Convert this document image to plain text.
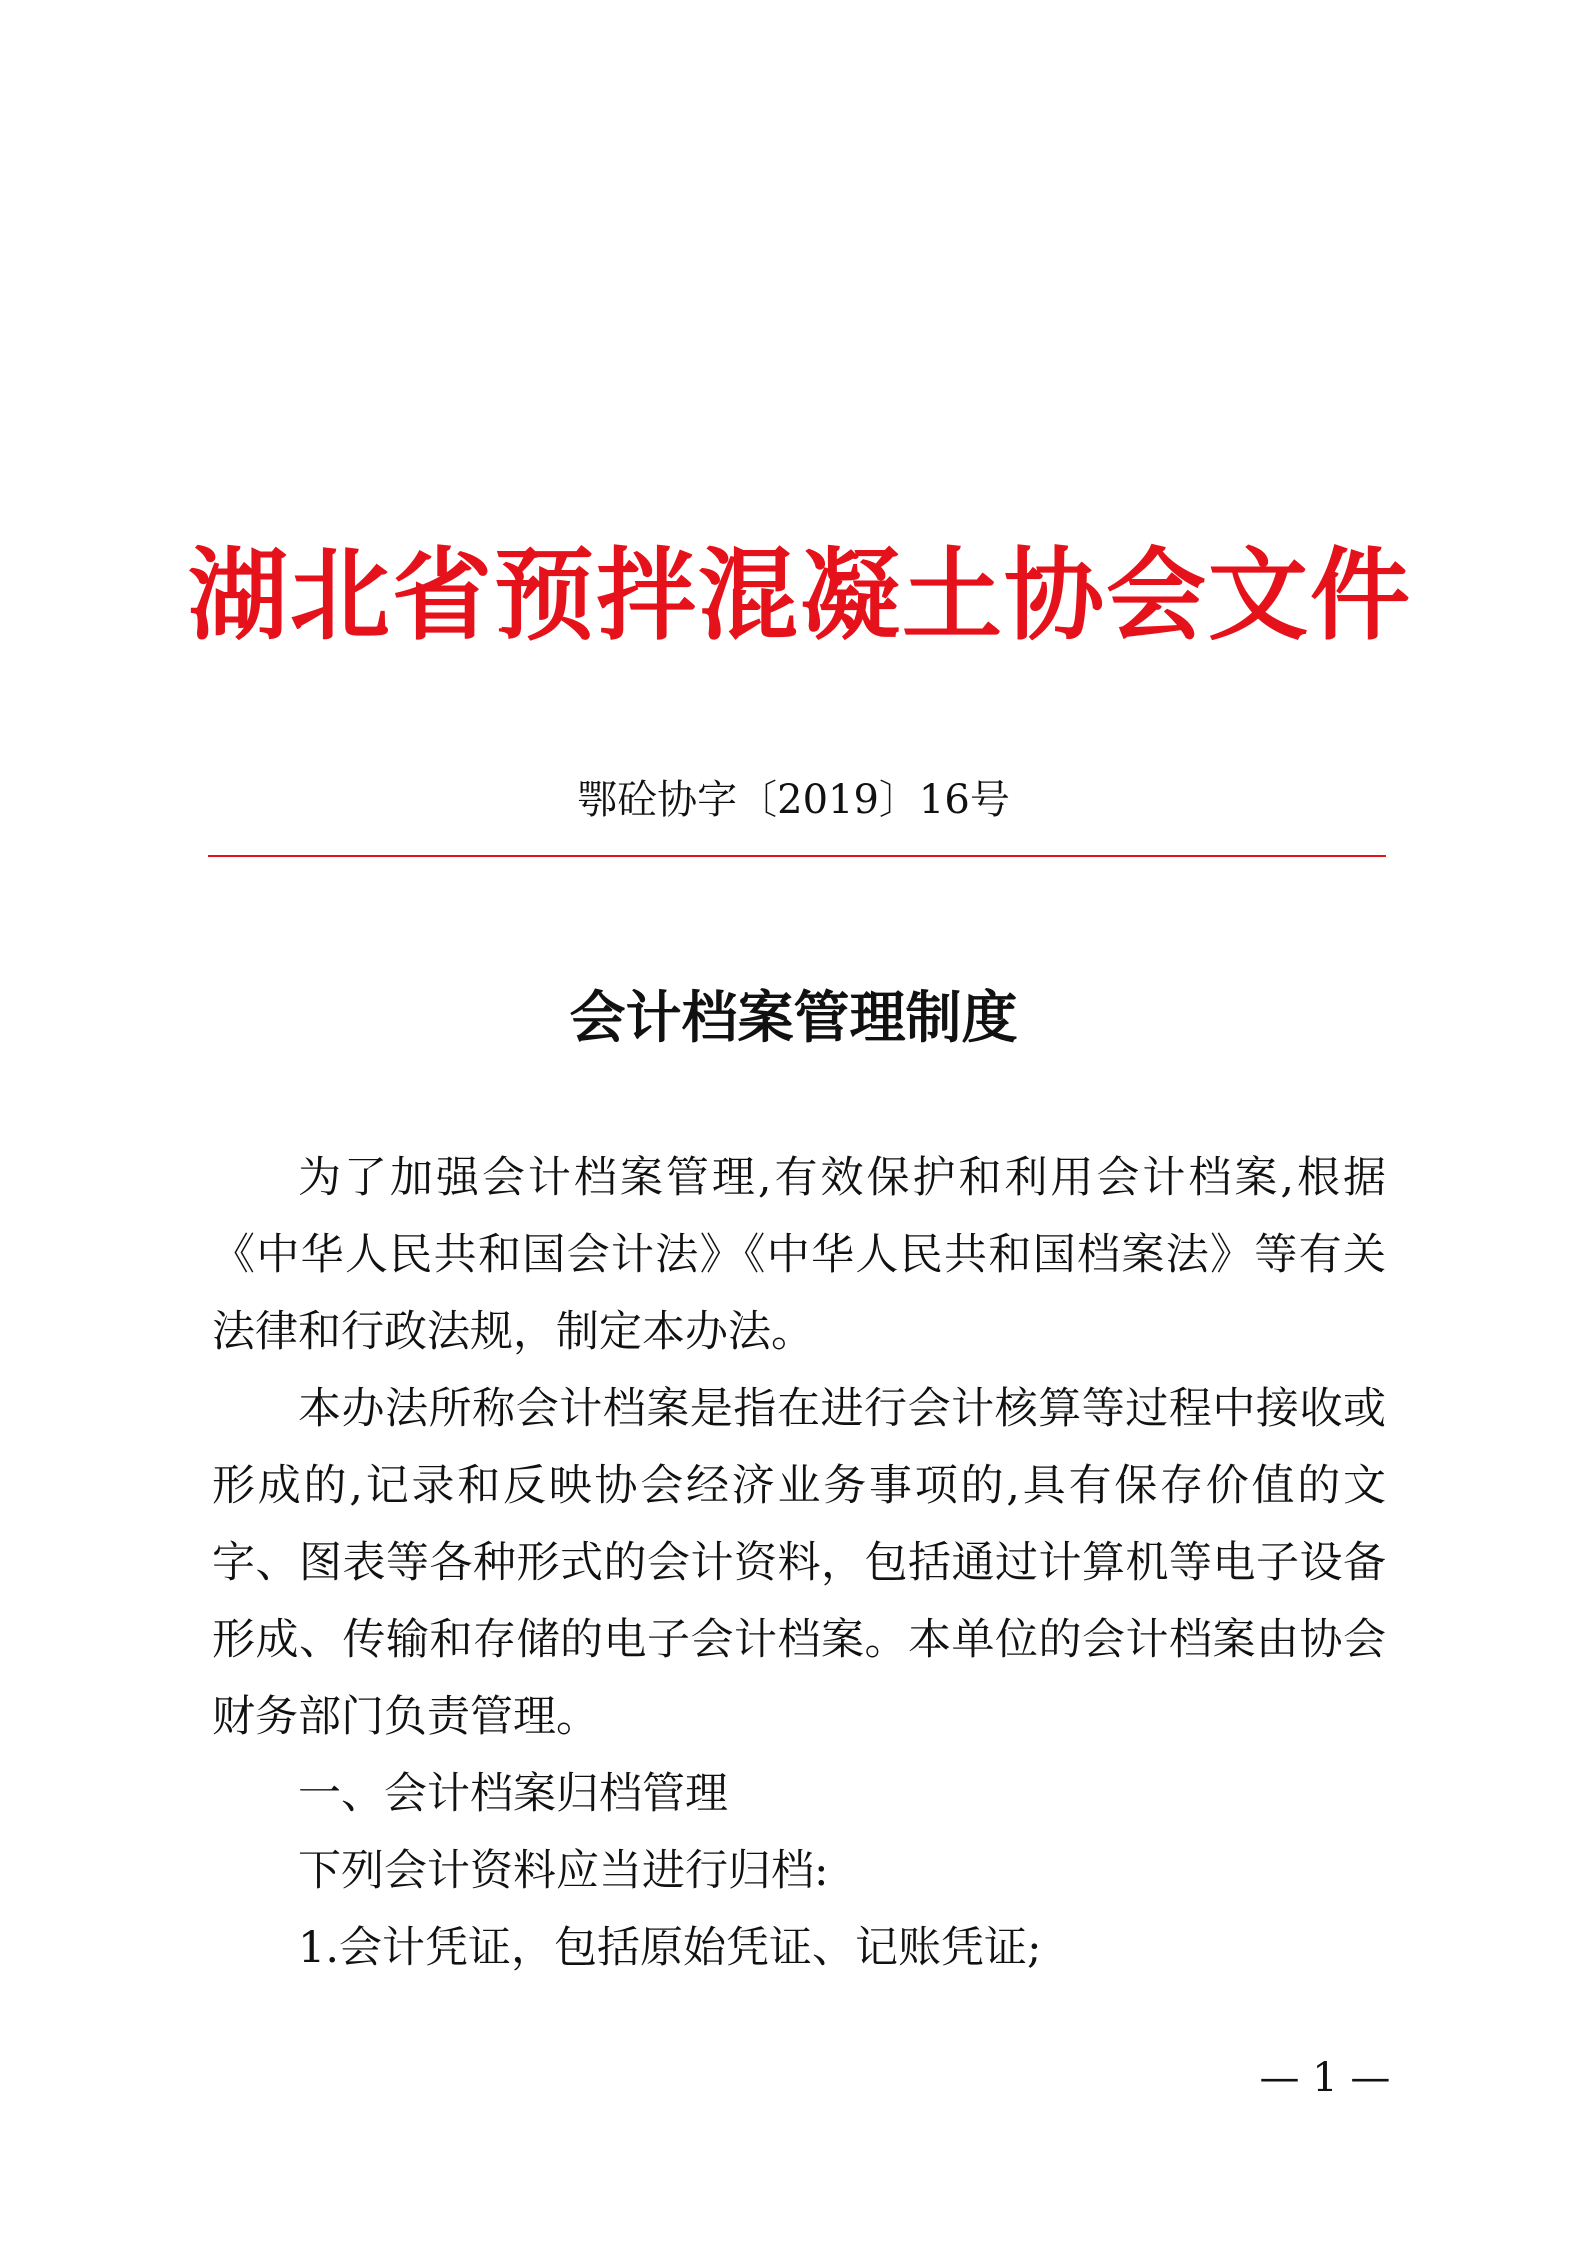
湖北省预拌混凝土协会文件
鄂砼协字〔2019〕16号
会计档案管理制度

为了加强会计档案管理,有效保护和利用会计档案,根据《中华人民共和国会计法》《中华人民共和国档案法》等有关法律和行政法规，制定本办法。

本办法所称会计档案是指在进行会计核算等过程中接收或形成的,记录和反映协会经济业务事项的,具有保存价值的文字、图表等各种形式的会计资料，包括通过计算机等电子设备形成、传输和存储的电子会计档案。本单位的会计档案由协会财务部门负责管理。

一、会计档案归档管理

下列会计资料应当进行归档:

1.会计凭证，包括原始凭证、记账凭证;

— 1 —
